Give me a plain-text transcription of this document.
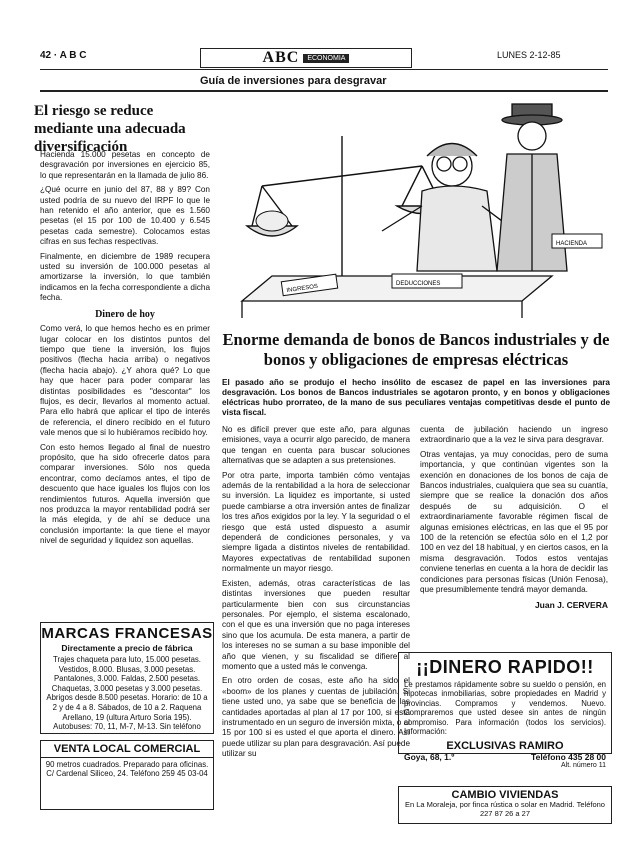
42 · A B C	ABC	ECONOMIA	LUNES 2-12-85
Guía de inversiones para desgravar
El riesgo se reduce mediante una adecuada diversificación

Hacienda 15.000 pesetas en concepto de desgravación por inversiones en ejercicio 85, lo que representarán en la llamada de julio 86.

¿Qué ocurre en junio del 87, 88 y 89? Con usted podría de su nuevo del IRPF lo que le han retenido el año anterior, que es 1.560 pesetas (el 15 por 100 de 10.400 y 6.545 pesetas cada semestre). Colocamos estas cifras en sus fechas respectivas.

Finalmente, en diciembre de 1989 recupera usted su inversión de 100.000 pesetas al amortizarse la inversión, lo que también indicamos en la fecha correspondiente a dicha fecha.

Dinero de hoy

Como verá, lo que hemos hecho es en primer lugar colocar en los distintos puntos del tiempo que tiene la inversión, los flujos positivos (flecha hacia arriba) o negativos (flecha hacia abajo). ¿Y ahora qué? Lo que hay que hacer para poder comparar las distintas posibilidades es "descontar" los flujos, es decir, llevarlos al momento actual. Para ello habrá que aplicar el tipo de interés de referencia, el dinero recibido en el futuro vale menos que si lo hubiéramos recibido hoy.

Con esto hemos llegado al final de nuestro propósito, que ha sido ofrecerle datos para comparar inversiones. Sólo nos queda encontrar, como decíamos antes, el tipo de descuento que hace iguales los flujos con los rendimientos futuros. Aquella inversión que nos produzca la mayor rentabilidad podrá ser la más elegida, y de ahí se deduce una conclusión importante: la que tiene el mayor nivel de seguridad y liquidez son aquellas.

INGRESOS	DEDUCCIONES
HACIENDA
Enorme demanda de bonos de Bancos industriales y de bonos y obligaciones de empresas eléctricas
El pasado año se produjo el hecho insólito de escasez de papel en las inversiones para desgravación. Los bonos de Bancos industriales se agotaron pronto, y en bonos y obligaciones eléctricas hubo prorrateo, de la mano de sus peculiares ventajas competitivas desde el punto de vista fiscal.

No es difícil prever que este año, para algunas emisiones, vaya a ocurrir algo parecido, de manera que tengan en cuenta para buscar soluciones alternativas que se adapten a sus pretensiones.

Por otra parte, importa también cómo ventajas además de la rentabilidad a la hora de seleccionar su inversión. La liquidez es importante, si usted puede cambiarse a otra inversión antes de finalizar los tres años exigidos por la ley. Y la seguridad o el riesgo que está usted dispuesto a asumir dependerá de condiciones personales, y va siempre ligada a distintos niveles de rentabilidad. Mayores expectativas de rentabilidad suponen normalmente un mayor riesgo.

Existen, además, otras características de las distintas inversiones que pueden resultar particularmente bien con sus circunstancias personales. Por ejemplo, el sistema escalonado, con el que es una inversión que no paga intereses sino que los acumula. De esta manera, a partir de los intereses no se suman a su base imponible del año que vienen, y su fiscalidad se difiere al momento que a usted más le convenga.

En otro orden de cosas, este año ha sido el «boom» de los planes y cuentas de jubilación. Si tiene usted uno, ya sabe que se beneficia de las cantidades aportadas al plan al 17 por 100, si está instrumentado en un seguro de inversión mixta, o al 15 por 100 si es usted el que aporta el dinero. Así puede utilizar su plan para desgravación. Así puede utilizar su

cuenta de jubilación haciendo un ingreso extraordinario que a la vez le sirva para desgravar.

Otras ventajas, ya muy conocidas, pero de suma importancia, y que continúan vigentes son la exención en donaciones de los bonos de caja de Bancos industriales, cualquiera que sea su cuantía, siempre que se realice la donación dos años después de su adquisición. O el extraordinariamente favorable régimen fiscal de algunas emisiones eléctricas, en las que el 95 por 100 de la retención se efectúa sólo en el 1,2 por 100 en vez del 18 habitual, y en ciertos casos, en la misma desgravación. Todos estos ventajas conviene tenerlas en cuenta a la hora de decidir las condiciones para personas físicas (Unión Fenosa), que presumiblemente tendrá mayor demanda.

Juan J. CERVERA
MARCAS FRANCESAS
Directamente a precio de fábrica
Trajes chaqueta para luto, 15.000 pesetas. Vestidos, 8.000. Blusas, 3.000 pesetas. Pantalones, 3.000. Faldas, 2.500 pesetas. Chaquetas, 3.000 pesetas y 3.000 pesetas. Abrigos desde 8.500 pesetas. Horario: de 10 a 2 y de 4 a 8. Sábados, de 10 a 2. Raquena Arellano, 19 (ultura Arturo Soria 195). Autobuses: 70, 11, M-7, M-13. Sin teléfono
VENTA LOCAL COMERCIAL
90 metros cuadrados. Preparado para oficinas. C/ Cardenal Siliceo, 24. Teléfono 259 45 03-04
¡¡DINERO RAPIDO!!
Le prestamos rápidamente sobre su sueldo o pensión, en hipotecas inmobiliarias, sobre propiedades en Madrid y provincias. Compramos y vendemos. Nuevo. Compraremos que usted desee sin antes de ningún compromiso. Para información (todos los servicios). Información:
EXCLUSIVAS RAMIRO
Goya, 68, 1.º	Teléfono 435 28 00
Alt. número 11
CAMBIO VIVIENDAS
En La Moraleja, por finca rústica o solar en Madrid. Teléfono 227 87 26 a 27
